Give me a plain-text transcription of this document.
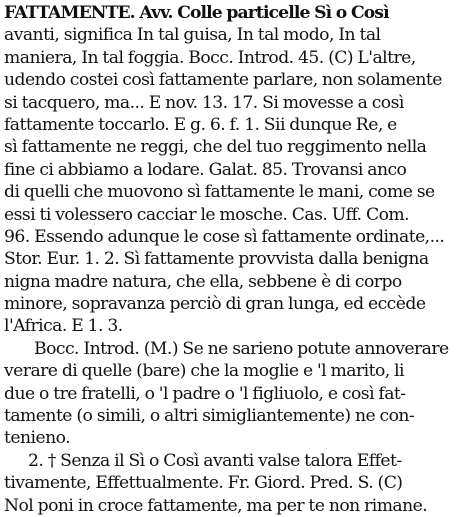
FATTAMENTE. Avv. Colle particelle Sì o Così
avanti, significa In tal guisa, In tal modo, In tal
maniera, In tal foggia. Bocc. Introd. 45. (C) L'altre,
udendo costei così fattamente parlare, non solamente
si tacquero, ma... E nov. 13. 17. Si movesse a così
fattamente toccarlo. E g. 6. f. 1. Sii dunque Re, e
sì fattamente ne reggi, che del tuo reggimento nella
fine ci abbiamo a lodare. Galat. 85. Trovansi anco
di quelli che muovono sì fattamente le mani, come se
essi ti volessero cacciar le mosche. Cas. Uff. Com.
96. Essendo adunque le cose sì fattamente ordinate,...
Stor. Eur. 1. 2. Sì fattamente provvista dalla benigna
nigna madre natura, che ella, sebbene è di corpo
minore, sopravanza perciò di gran lunga, ed eccède
l'Africa. E 1. 3.
Bocc. Introd. (M.) Se ne sarieno potute annoverare
verare di quelle (bare) che la moglie e 'l marito, li
due o tre fratelli, o 'l padre o 'l figliuolo, e così fat-
tamente (o simili, o altri simigliantemente) ne con-
tenieno.
2. † Senza il Sì o Così avanti valse talora Effet-
tivamente, Effettualmente. Fr. Giord. Pred. S. (C)
Nol poni in croce fattamente, ma per te non rimane.
